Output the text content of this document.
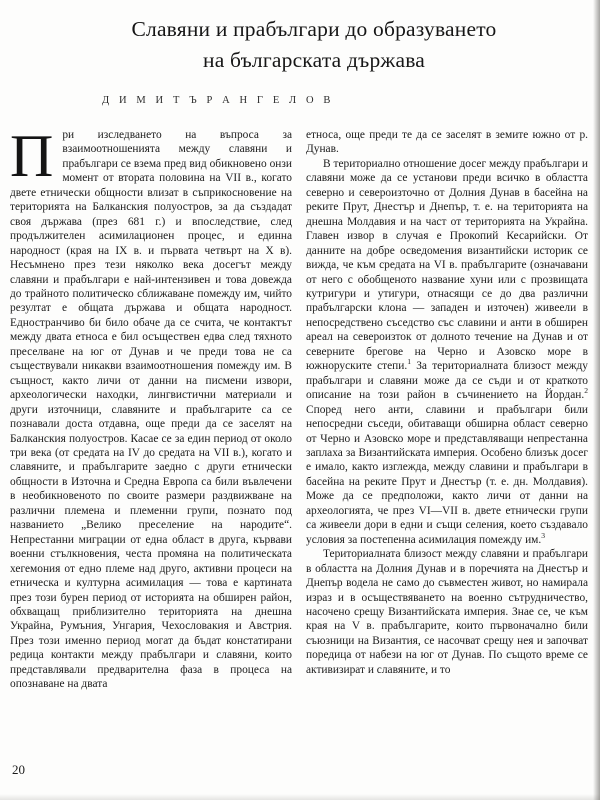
Славяни и прабългари до образуването
на българската държава
Д И М И Т Ъ Р А Н Г Е Л О В

При изследването на въпроса за взаимоотношенията между славяни и прабългари се взема пред вид обикновено онзи момент от втората половина на VII в., когато двете етнически общности влизат в съприкосновение на територията на Балканския полуостров, за да създадат своя държава (през 681 г.) и впоследствие, след продължителен асимилационен процес, и единна народност (края на IX в. и първата четвърт на X в). Несъмнено през тези няколко века досегът между славяни и прабългари е най-интензивен и това довежда до трайното политическо сближаване помежду им, чийто резултат е общата държава и общата народност. Едностранчиво би било обаче да се счита, че контактът между двата етноса е бил осъществен едва след тяхното преселване на юг от Дунав и че преди това не са съществували никакви взаимоотношения помежду им. В същност, както личи от данни на писмени извори, археологически находки, лингвистични материали и други източници, славяните и прабългарите са се познавали доста отдавна, още преди да се заселят на Балканския полуостров. Касае се за един период от около три века (от средата на IV до средата на VII в.), когато и славяните, и прабългарите заедно с други етнически общности в Източна и Средна Европа са били въвлечени в необикновеното по своите размери раздвижване на различни племена и племенни групи, познато под названието „Велико преселение на народите“. Непрестанни миграции от една област в друга, кървави военни стълкновения, честа промяна на политическата хегемония от едно племе над друго, активни процеси на етническа и културна асимилация — това е картината през този бурен период от историята на обширен район, обхващащ приблизително територията на днешна Украйна, Румъния, Унгария, Чехословакия и Австрия. През този именно период могат да бъдат констатирани редица контакти между прабългари и славяни, които представлявали предварителна фаза в процеса на опознаване на двата

етноса, още преди те да се заселят в земите южно от р. Дунав.

В териториално отношение досег между прабългари и славяни може да се установи преди всичко в областта северно и североизточно от Долния Дунав в басейна на реките Прут, Днестър и Днепър, т. е. на територията на днешна Молдавия и на част от територията на Украйна. Главен извор в случая е Прокопий Кесарийски. От данните на добре осведомения византийски историк се вижда, че към средата на VI в. прабългарите (означавани от него с обобщеното название хуни или с прозвищата кутригури и утигури, отнасящи се до два различни прабългарски клона — западен и източен) живеели в непосредствено съседство със славини и анти в обширен ареал на североизток от долното течение на Дунав и от северните брегове на Черно и Азовско море в южноруските степи.$^1$ За териториалната близост между прабългари и славяни може да се съди и от краткото описание на този район в съчинението на Йордан.$^2$ Според него анти, славини и прабългари били непосредни съседи, обитаващи обширна област северно от Черно и Азовско море и представляващи непрестанна заплаха за Византийската империя. Особено близък досег е имало, както изглежда, между славини и прабългари в басейна на реките Прут и Днестър (т. е. дн. Молдавия). Може да се предположи, както личи от данни на археологията, че през VI—VII в. двете етнически групи са живеели дори в едни и същи селения, което създавало условия за постепенна асимилация помежду им.$^3$

Териториалната близост между славяни и прабългари в областта на Долния Дунав и в поречията на Днестър и Днепър водела не само до съвместен живот, но намирала израз и в осъществяването на военно сътрудничество, насочено срещу Византийската империя. Знае се, че към края на V в. прабългарите, които първоначално били съюзници на Византия, се насочват срещу нея и започват поредица от набези на юг от Дунав. По същото време се активизират и славяните, и то

20
